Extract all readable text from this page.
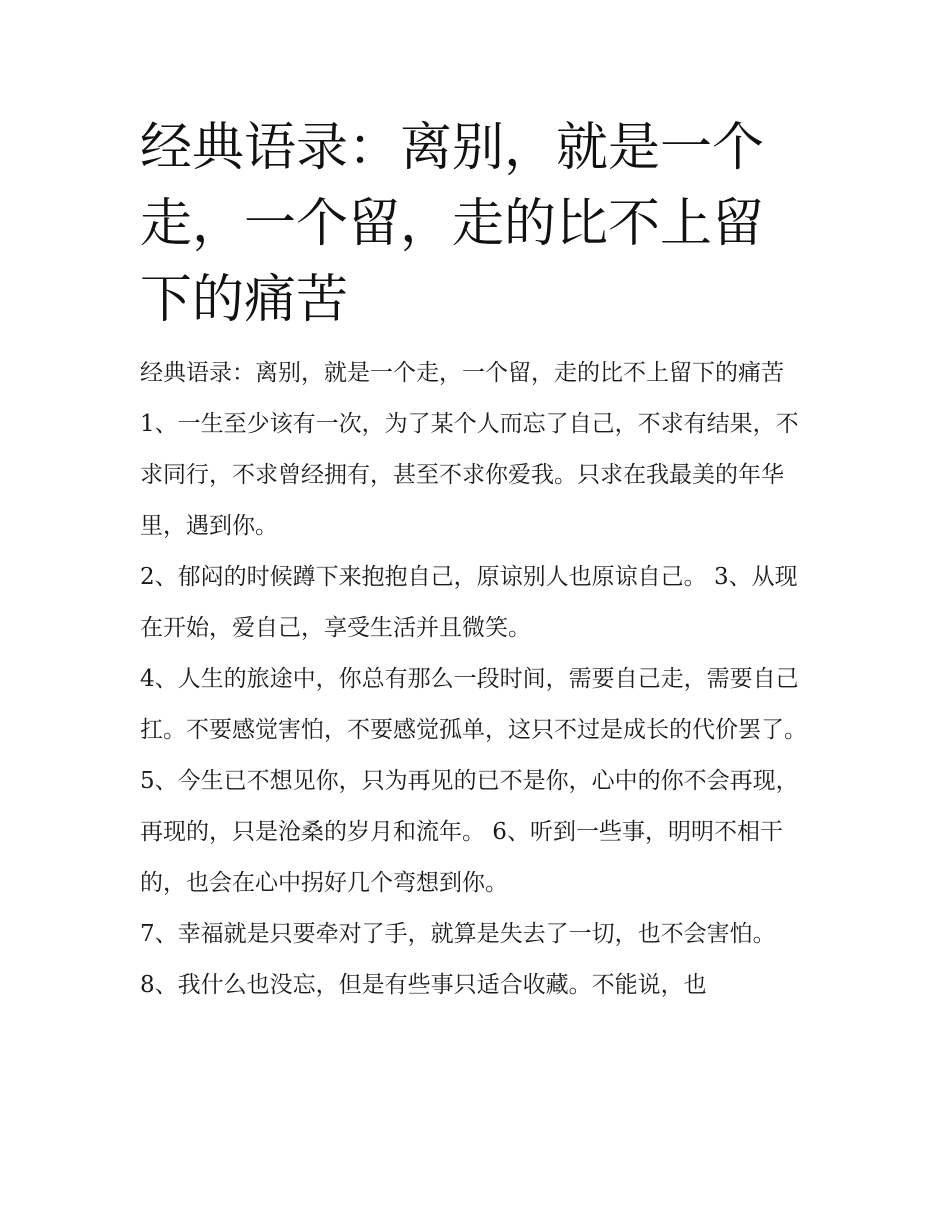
经典语录：离别，就是一个走，一个留，走的比不上留下的痛苦

经典语录：离别，就是一个走，一个留，走的比不上留下的痛苦

1、一生至少该有一次，为了某个人而忘了自己，不求有结果，不求同行，不求曾经拥有，甚至不求你爱我。只求在我最美的年华里，遇到你。

2、郁闷的时候蹲下来抱抱自己，原谅别人也原谅自己。 3、从现在开始，爱自己，享受生活并且微笑。

4、人生的旅途中，你总有那么一段时间，需要自己走，需要自己扛。不要感觉害怕，不要感觉孤单，这只不过是成长的代价罢了。

5、今生已不想见你，只为再见的已不是你，心中的你不会再现，再现的，只是沧桑的岁月和流年。 6、听到一些事，明明不相干的，也会在心中拐好几个弯想到你。

7、幸福就是只要牵对了手，就算是失去了一切，也不会害怕。 8、我什么也没忘，但是有些事只适合收藏。不能说，也
